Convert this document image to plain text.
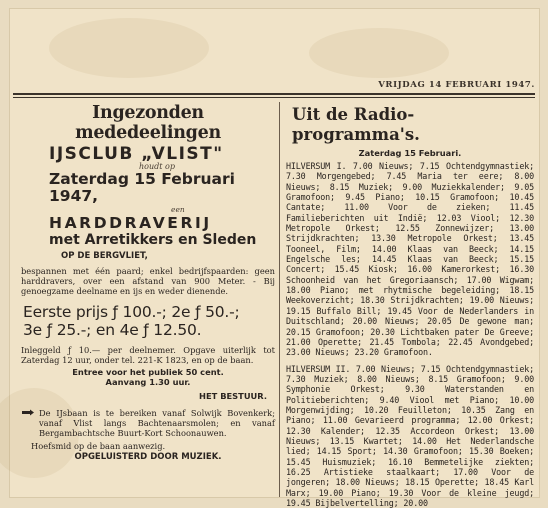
VRIJDAG 14 FEBRUARI 1947.
Ingezonden mededeelingen
IJSCLUB „VLIST"
houdt op
Zaterdag 15 Februari 1947,
een
HARDDRAVERIJ
met Arretikkers en Sleden
OP DE BERGVLIET,

bespannen met één paard; enkel bedrijfspaarden: geen harddravers, over een afstand van 900 Meter. - Bij genoegzame deelname en ijs en weder dienende.

Eerste prijs ƒ 100.-; 2e ƒ 50.-;
3e ƒ 25.-; en 4e ƒ 12.50.

Inleggeld ƒ 10.— per deelnemer. Opgave uiterlijk tot Zaterdag 12 uur, onder tel. 221-K 1823, en op de baan.

Entree voor het publiek 50 cent.

Aanvang 1.30 uur.

HET BESTUUR.
De IJsbaan is te bereiken vanaf Solwijk Bovenkerk; vanaf Vlist langs Bachtenaarsmolen; en vanaf Bergambachtsche Buurt-Kort Schoonauwen.

Hoefsmid op de baan aanwezig.

OPGELUISTERD DOOR MUZIEK.
Uit de Radio-programma's.
Zaterdag 15 Februari.

HILVERSUM I. 7.00 Nieuws; 7.15 Ochtendgymnastiek; 7.30 Morgengebed; 7.45 Maria ter eere; 8.00 Nieuws; 8.15 Muziek; 9.00 Muziekkalender; 9.05 Gramofoon; 9.45 Piano; 10.15 Gramofoon; 10.45 Cantate; 11.00 Voor de zieken; 11.45 Familieberichten uit Indië; 12.03 Viool; 12.30 Metropole Orkest; 12.55 Zonnewijzer; 13.00 Strijdkrachten; 13.30 Metropole Orkest; 13.45 Tooneel, Film; 14.00 Klaas van Beeck; 14.15 Engelsche les; 14.45 Klaas van Beeck; 15.15 Concert; 15.45 Kiosk; 16.00 Kamerorkest; 16.30 Schoonheid van het Gregoriaansch; 17.00 Wigwam; 18.00 Piano; met rhytmische begeleiding; 18.15 Weekoverzicht; 18.30 Strijdkrachten; 19.00 Nieuws; 19.15 Buffalo Bill; 19.45 Voor de Nederlanders in Duitschland; 20.00 Nieuws; 20.05 De gewone man; 20.15 Gramofoon; 20.30 Lichtbaken pater De Greeve; 21.00 Operette; 21.45 Tombola; 22.45 Avondgebed; 23.00 Nieuws; 23.20 Gramofoon.

HILVERSUM II. 7.00 Nieuws; 7.15 Ochtendgymnastiek; 7.30 Muziek; 8.00 Nieuws; 8.15 Gramofoon; 9.00 Symphonie Orkest; 9.30 Waterstanden en Politieberichten; 9.40 Viool met Piano; 10.00 Morgenwijding; 10.20 Feuilleton; 10.35 Zang en Piano; 11.00 Gevarieerd programma; 12.00 Orkest; 12.30 Kalender; 12.35 Accordeon Orkest; 13.00 Nieuws; 13.15 Kwartet; 14.00 Het Nederlandsche lied; 14.15 Sport; 14.30 Gramofoon; 15.30 Boeken; 15.45 Huismuziek; 16.10 Bemmetelijke ziekten; 16.25 Artistieke staalkaart; 17.00 Voor de jongeren; 18.00 Nieuws; 18.15 Operette; 18.45 Karl Marx; 19.00 Piano; 19.30 Voor de kleine jeugd; 19.45 Bijbelvertelling; 20.00
